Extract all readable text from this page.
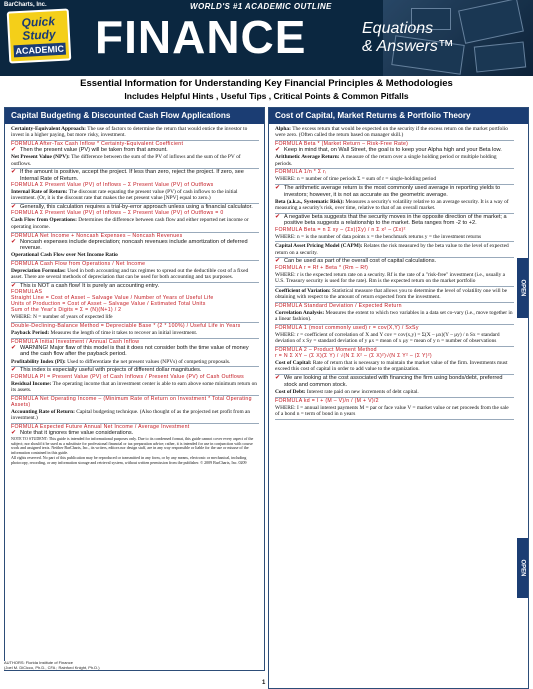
BarCharts, Inc.
Quick
Study
ACADEMIC
WORLD'S #1 ACADEMIC OUTLINE
FINANCE	Equations
& Answers™
Essential Information for Understanding Key Financial Principles & Methodologies
Includes Helpful Hints , Useful Tips , Critical Points & Common Pitfalls
Capital Budgeting & Discounted Cash Flow Applications
Certainty-Equivalent Approach: The use of factors to determine the return that would entice the investor to invest in a higher paying, but more risky, investment.
FORMULA After-Tax Cash Inflow * Certainty-Equivalent Coefficient
✔ Then the present value (PV) will be taken from that amount.
Net Present Value (NPV): The difference between the sum of the PV of inflows and the sum of the PV of outflows.
✔ If the amount is positive, accept the project. If less than zero, reject the project. If zero, see Internal Rate of Return.
FORMULA Σ Present Value (PV) of Inflows – Σ Present Value (PV) of Outflows
Internal Rate of Return: The discount rate equating the present value (PV) of cash inflows to the initial investment. (Or, it is the discount rate that makes the net present value [NPV] equal to zero.)
✔ Generally, this calculation requires a trial-by-error approach unless using a financial calculator.
FORMULA Σ Present Value (PV) of Inflows – Σ Present Value (PV) of Outflows = 0
Cash Flow from Operations: Determines the difference between cash flow and either reported net income or operating income.
FORMULA Net Income + Noncash Expenses – Noncash Revenues
✔ Noncash expenses include depreciation; noncash revenues include amortization of deferred revenue.
Operational Cash Flow over Net Income Ratio
FORMULA Cash Flow from Operations / Net Income
Depreciation Formulas: Used in both accounting and tax regimes to spread out the deductible cost of a fixed asset. There are several methods of depreciation that can be used for both accounting and tax purposes.
✔ This is NOT a cash flow! It is purely an accounting entry.
FORMULAS
Straight Line = Cost of Asset – Salvage Value / Number of Years of Useful Life
Units of Production = Cost of Asset – Salvage Value / Estimated Total Units
Sum of the Year's Digits = Σ = (N)(N+1) / 2
WHERE: N = number of years of expected life
Double-Declining-Balance Method = Depreciable Base * (2 * 100%) / Useful Life in Years
Payback Period: Measures the length of time it takes to recover an initial investment.
FORMULA Initial Investment / Annual Cash Inflow
✔ WARNING! Major flaw of this model is that it does not consider both the time value of money and the cash flow after the payback period.
Profitability Index (PI): Used to differentiate the net present values (NPVs) of competing proposals.
✔ This index is especially useful with projects of different dollar magnitudes.
FORMULA PI = Present Value (PV) of Cash Inflows / Present Value (PV) of Cash Outflows
Residual Income: The operating income that an investment center is able to earn above some minimum return on its assets.
FORMULA Net Operating Income – (Minimum Rate of Return on Investment * Total Operating Assets)
Accounting Rate of Return: Capital budgeting technique. (Also thought of as the projected net profit from an investment.)
FORMULA Expected Future Annual Net Income / Average Investment
✔ Note that it ignores time value considerations.
NOTE TO STUDENT: This guide is intended for informational purposes only. Due to its condensed format, this guide cannot cover every aspect of the subject; nor should it be used as a substitute for professional financial or tax preparation advice; rather, it is intended for use in conjunction with course work and assigned texts. Neither BarCharts, Inc., its writers, editors nor design staff, are in any way responsible or liable for the use or misuse of the information contained in this guide.
All rights reserved. No part of this publication may be reproduced or transmitted in any form, or by any means, electronic or mechanical, including photocopy, recording, or any information storage and retrieval system, without written permission from the publisher. © 2009 BarCharts, Inc. 0209
Cost of Capital, Market Returns & Portfolio Theory
Alpha: The excess return that would be expected on the security if the excess return on the market portfolio were zero. (Often called the return based on manager skill.)
FORMULA Beta * (Market Return – Risk-Free Rate)
✔ Keep in mind that, on Wall Street, the goal is to keep your Alpha high and your Beta low.
Arithmetic Average Return: A measure of the return over a single holding period or multiple holding periods.
FORMULA 1/n * Σ rᵢ
WHERE: n = number of time periods Σ = sum of r = single-holding period
✔ The arithmetic average return is the most commonly used average in reporting yields to investors; however, it is not as accurate as the geometric average.
Beta (a.k.a., Systematic Risk): Measures a security's volatility relative to an average security. It is a way of measuring a security's risk, over time, relative to that of an overall market.
✔ A negative beta suggests that the security moves in the opposite direction of the market; a positive beta suggests a relationship to the market. Beta ranges from -2 to +2.
FORMULA Beta = n Σ xy – (Σx)(Σy) / n Σ x² – (Σx)²
WHERE: n = is the number of data points x = the benchmark returns y = the investment returns
Capital Asset Pricing Model (CAPM): Relates the risk measured by the beta value to the level of expected return on a security.
✔ Can be used as part of the overall cost of capital calculations.
FORMULA r = Rf + Beta * (Rm – Rf)
WHERE: r is the expected return rate on a security. Rf is the rate of a "risk-free" investment (i.e., usually a U.S. Treasury security is used for the rate). Rm is the expected return on the market portfolio
Coefficient of Variation: Statistical measure that allows you to determine the level of volatility one will be obtaining with respect to the amount of return expected from the investment.
FORMULA Standard Deviation / Expected Return
Correlation Analysis: Measures the extent to which two variables in a data set co-vary (i.e., move together in a linear fashion).
FORMULA 1 (most commonly used) r = cov(X,Y) / SxSy
WHERE: r = coefficient of correlation of X and Y cov = cov(x,y) = Σ(X – μx)(Y – μy) / n Sx = standard deviation of x Sy = standard deviation of y μx = mean of x μy = mean of y n = number of observations
FORMULA 2 – Product Moment Method
r = N Σ XY – (Σ X)(Σ Y) / √(N Σ X² – (Σ X)²)√(N Σ Y² – (Σ Y)²)
Cost of Capital: Rate of return that is necessary to maintain the market value of the firm. Investments must exceed this cost of capital in order to add value to the organization.
✔ We are looking at the cost associated with financing the firm using bonds/debt, preferred stock and common stock.
Cost of Debt: Interest rate paid on new increments of debt capital.
FORMULA kd = I + (M – V)/n / (M + V)/2
WHERE: I = annual interest payments M = par or face value V = market value or net proceeds from the sale of a bond n = term of bond in n years
OPEN
OPEN
AUTHORS: Florida Institute of Finance
(Joel M. DiCicco, Ph.D., CFA ; Rainford Knight, Ph.D.)
1
